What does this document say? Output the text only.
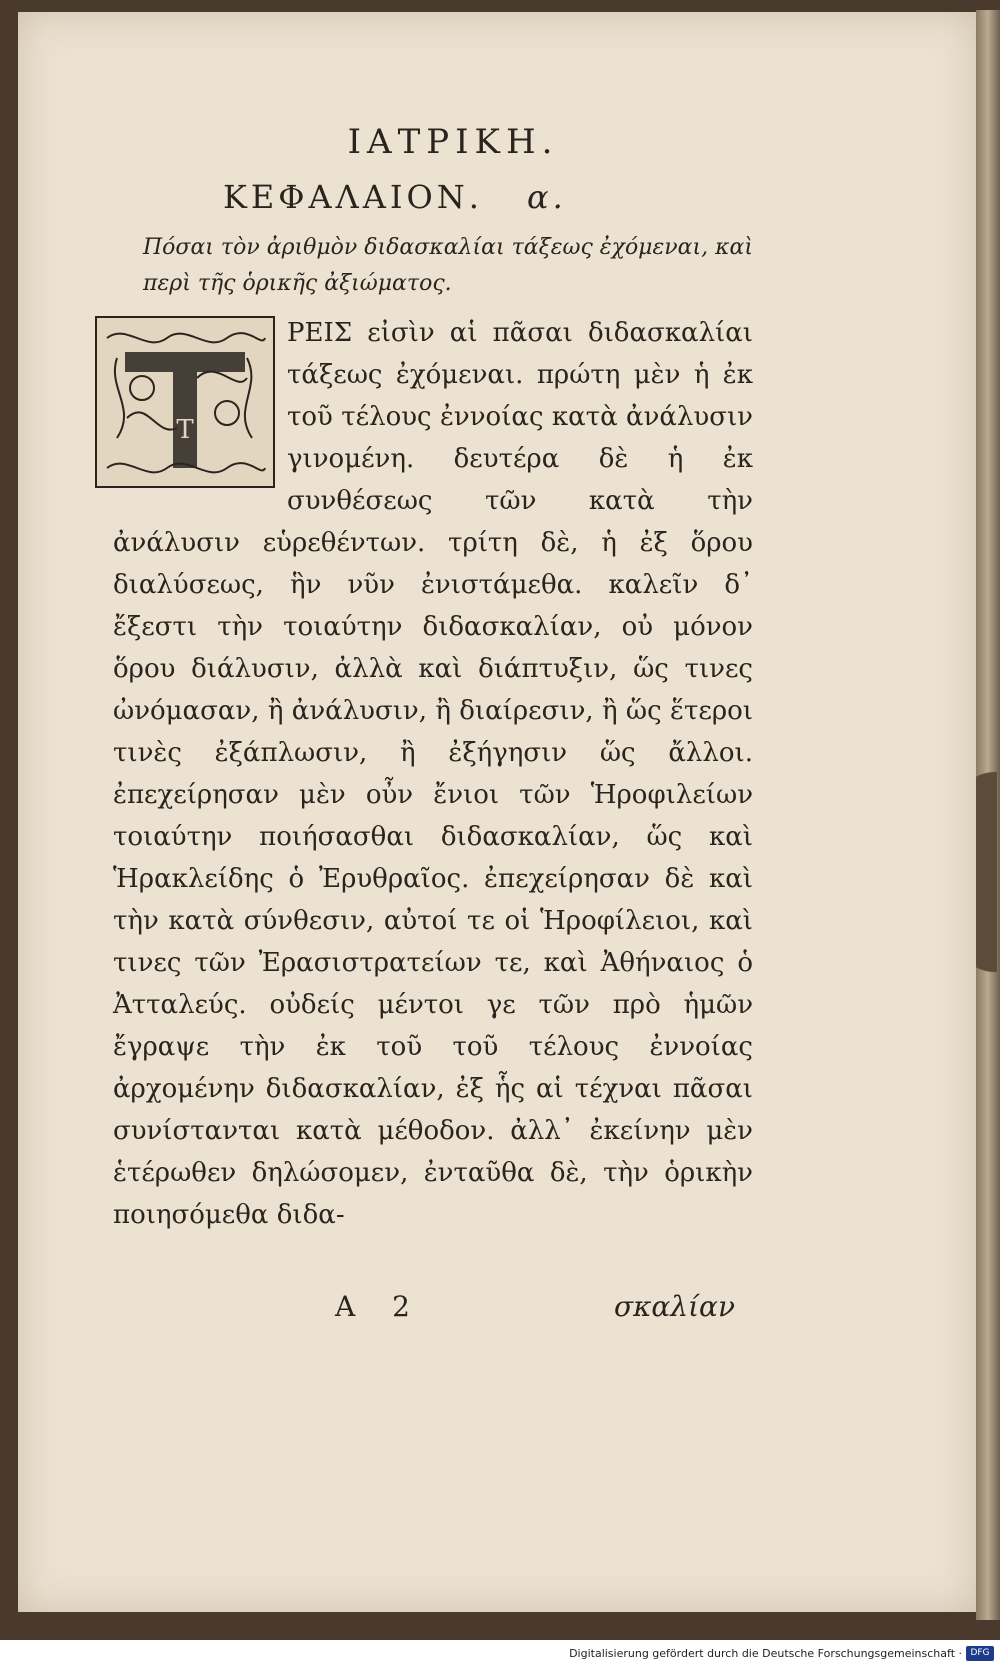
ΙΑΤΡΙΚΗ.
ΚΕΦΑΛΑΙΟΝ. α.
Πόσαι τὸν ἀριθμὸν διδασκαλίαι τάξεως ἐχόμεναι, καὶ περὶ τῆς ὁρικῆς ἀξιώματος.
T

ΡΕΙΣ εἰσὶν αἱ πᾶσαι διδασκαλίαι τάξεως ἐχόμεναι. πρώτη μὲν ἡ ἐκ τοῦ τέλους ἐννοίας κατὰ ἀνάλυσιν γινομένη. δευτέρα δὲ ἡ ἐκ συνθέσεως τῶν κατὰ τὴν ἀνάλυσιν εὑρεθέντων. τρίτη δὲ, ἡ ἐξ ὅρου διαλύσεως, ἣν νῦν ἐνιστάμεθα. καλεῖν δ᾽ ἔξεστι τὴν τοιαύτην διδασκαλίαν, οὐ μόνον ὅρου διάλυσιν, ἀλλὰ καὶ διάπτυξιν, ὥς τινες ὠνόμασαν, ἢ ἀνάλυσιν, ἢ διαίρεσιν, ἢ ὥς ἕτεροι τινὲς ἐξάπλωσιν, ἢ ἐξήγησιν ὥς ἄλλοι. ἐπεχείρησαν μὲν οὖν ἔνιοι τῶν Ἡροφιλείων τοιαύτην ποιήσασθαι διδασκαλίαν, ὥς καὶ Ἡρακλείδης ὁ Ἐρυθραῖος. ἐπεχείρησαν δὲ καὶ τὴν κατὰ σύνθεσιν, αὐτοί τε οἱ Ἡροφίλειοι, καὶ τινες τῶν Ἐρασιστρατείων τε, καὶ Ἀθήναιος ὁ Ἀτταλεύς. οὐδείς μέντοι γε τῶν πρὸ ἡμῶν ἔγραψε τὴν ἐκ τοῦ τοῦ τέλους ἐννοίας ἀρχομένην διδασκαλίαν, ἐξ ἧς αἱ τέχναι πᾶσαι συνίστανται κατὰ μέθοδον. ἀλλ᾽ ἐκείνην μὲν ἑτέρωθεν δηλώσομεν, ἐνταῦθα δὲ, τὴν ὁρικὴν ποιησόμεθα διδα-

A 2	σκαλίαν
Digitalisierung gefördert durch die Deutsche Forschungsgemeinschaft · DFG
